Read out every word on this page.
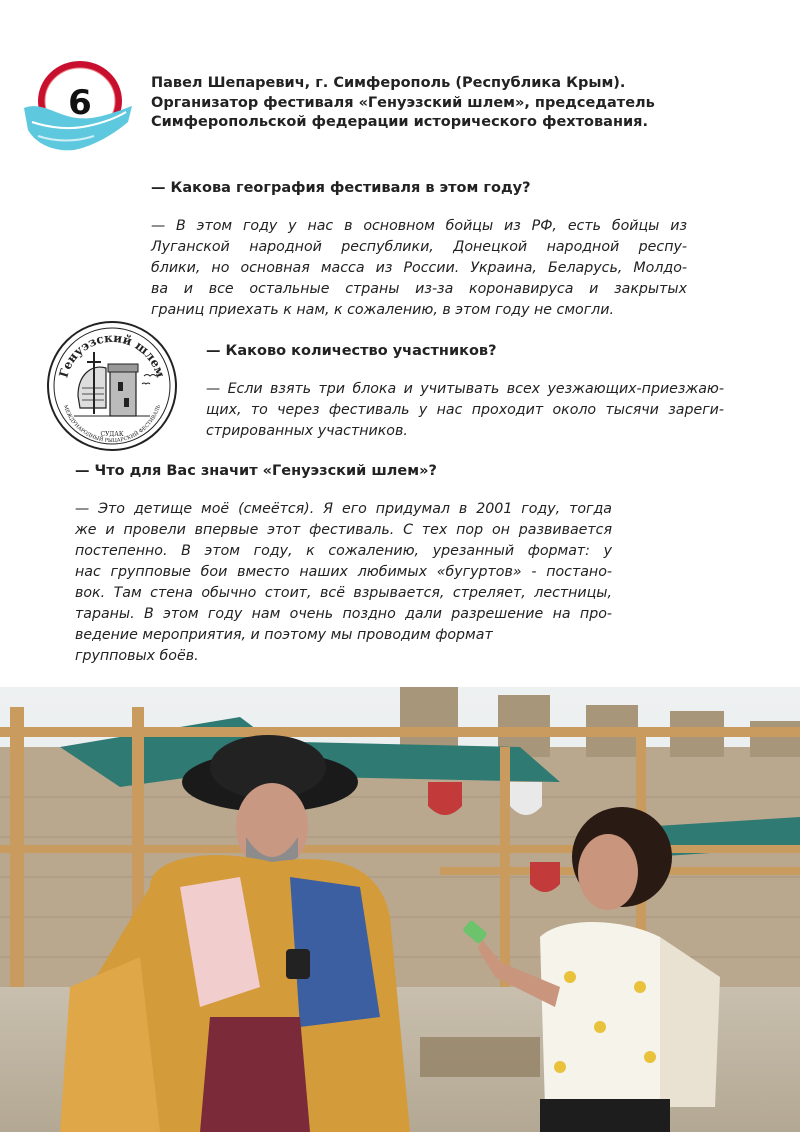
6	Павел Шепаревич, г. Симферополь (Республика Крым).
Организатор фестиваля «Генуэзский шлем», председатель
Симферопольской федерации исторического фехтования.
— Какова география фестиваля в этом году?
— В этом году у нас в основном бойцы из РФ, есть бойцы из
Луганской народной республики, Донецкой народной респу-
блики, но основная масса из России. Украина, Беларусь, Молдо-
ва и все остальные страны из-за коронавируса и закрытых
границ приехать к нам, к сожалению, в этом году не смогли.
Генуэзский шлем
МЕЖДУНАРОДНЫЙ РЫЦАРСКИЙ ФЕСТИВАЛЬ
СУДАК
— Каково количество участников?
— Если взять три блока и учитывать всех уезжающих-приезжаю-
щих, то через фестиваль у нас проходит около тысячи зареги-
стрированных участников.
— Что для Вас значит «Генуэзский шлем»?
— Это детище моё (смеётся). Я его придумал в 2001 году, тогда
же и провели впервые этот фестиваль. С тех пор он развивается
постепенно. В этом году, к сожалению, урезанный формат: у
нас групповые бои вместо наших любимых «бугуртов» - постано-
вок. Там стена обычно стоит, всё взрывается, стреляет, лестницы,
тараны. В этом году нам очень поздно дали разрешение на про-
ведение мероприятия, и поэтому мы проводим формат
групповых боёв.
